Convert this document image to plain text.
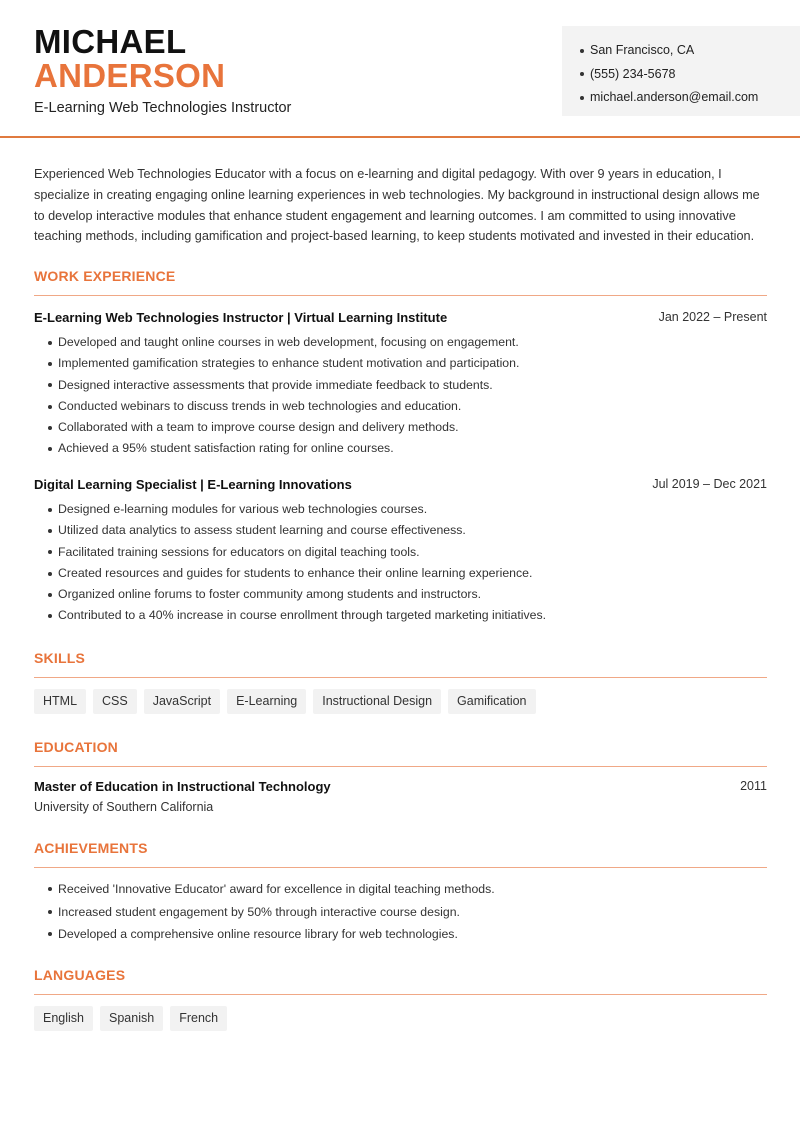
MICHAEL
ANDERSON
E-Learning Web Technologies Instructor
San Francisco, CA
(555) 234-5678
michael.anderson@email.com
Experienced Web Technologies Educator with a focus on e-learning and digital pedagogy. With over 9 years in education, I specialize in creating engaging online learning experiences in web technologies. My background in instructional design allows me to develop interactive modules that enhance student engagement and learning outcomes. I am committed to using innovative teaching methods, including gamification and project-based learning, to keep students motivated and invested in their education.
WORK EXPERIENCE
E-Learning Web Technologies Instructor | Virtual Learning Institute	Jan 2022 – Present
Developed and taught online courses in web development, focusing on engagement.
Implemented gamification strategies to enhance student motivation and participation.
Designed interactive assessments that provide immediate feedback to students.
Conducted webinars to discuss trends in web technologies and education.
Collaborated with a team to improve course design and delivery methods.
Achieved a 95% student satisfaction rating for online courses.
Digital Learning Specialist | E-Learning Innovations	Jul 2019 – Dec 2021
Designed e-learning modules for various web technologies courses.
Utilized data analytics to assess student learning and course effectiveness.
Facilitated training sessions for educators on digital teaching tools.
Created resources and guides for students to enhance their online learning experience.
Organized online forums to foster community among students and instructors.
Contributed to a 40% increase in course enrollment through targeted marketing initiatives.
SKILLS
HTML	CSS	JavaScript	E-Learning	Instructional Design	Gamification
EDUCATION
Master of Education in Instructional Technology	2011
University of Southern California
ACHIEVEMENTS
Received 'Innovative Educator' award for excellence in digital teaching methods.
Increased student engagement by 50% through interactive course design.
Developed a comprehensive online resource library for web technologies.
LANGUAGES
English	Spanish	French
